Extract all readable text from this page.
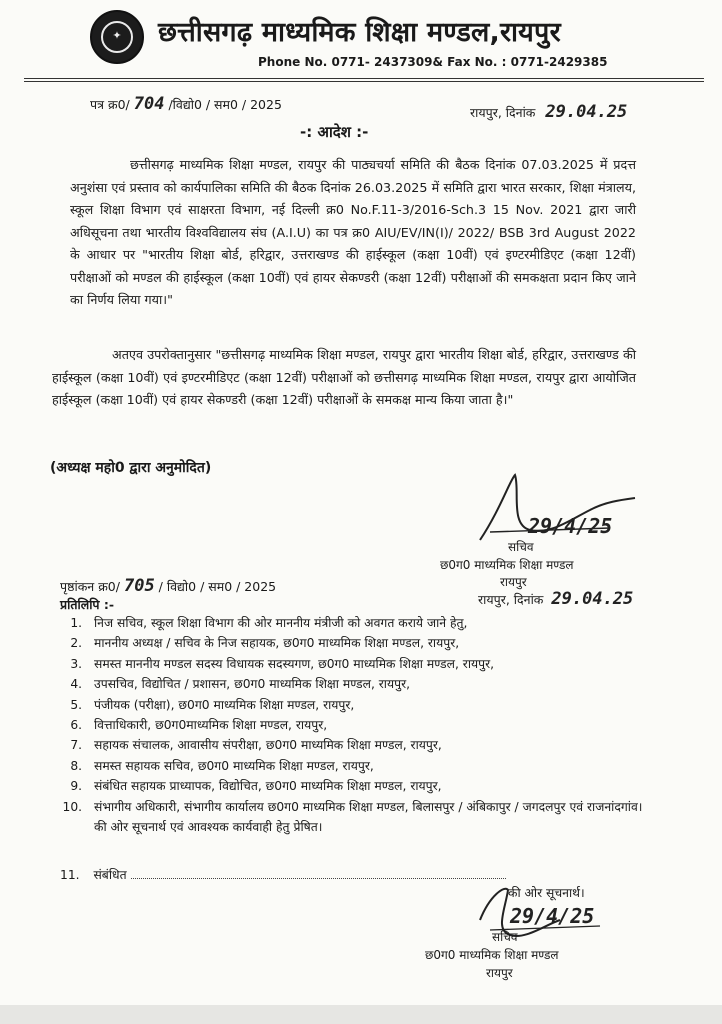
✦ छत्तीसगढ़ माध्यमिक शिक्षा मण्डल,रायपुर
Phone No. 0771- 2437309& Fax No. : 0771-2429385
पत्र क्र0/ 704 /विद्यो0 / सम0 / 2025
रायपुर, दिनांक 29.04.25
-: आदेश :-

छत्तीसगढ़ माध्यमिक शिक्षा मण्डल, रायपुर की पाठ्यचर्या समिति की बैठक दिनांक 07.03.2025 में प्रदत्त अनुशंसा एवं प्रस्ताव को कार्यपालिका समिति की बैठक दिनांक 26.03.2025 में समिति द्वारा भारत सरकार, शिक्षा मंत्रालय, स्कूल शिक्षा विभाग एवं साक्षरता विभाग, नई दिल्ली क्र0 No.F.11-3/2016-Sch.3 15 Nov. 2021 द्वारा जारी अधिसूचना तथा भारतीय विश्वविद्यालय संघ (A.I.U) का पत्र क्र0 AIU/EV/IN(I)/ 2022/ BSB 3rd August 2022 के आधार पर "भारतीय शिक्षा बोर्ड, हरिद्वार, उत्तराखण्ड की हाईस्कूल (कक्षा 10वीं) एवं इण्टरमीडिएट (कक्षा 12वीं) परीक्षाओं को मण्डल की हाईस्कूल (कक्षा 10वीं) एवं हायर सेकण्डरी (कक्षा 12वीं) परीक्षाओं की समकक्षता प्रदान किए जाने का निर्णय लिया गया।"

अतएव उपरोक्तानुसार "छत्तीसगढ़ माध्यमिक शिक्षा मण्डल, रायपुर द्वारा भारतीय शिक्षा बोर्ड, हरिद्वार, उत्तराखण्ड की हाईस्कूल (कक्षा 10वीं) एवं इण्टरमीडिएट (कक्षा 12वीं) परीक्षाओं को छत्तीसगढ़ माध्यमिक शिक्षा मण्डल, रायपुर द्वारा आयोजित हाईस्कूल (कक्षा 10वीं) एवं हायर सेकण्डरी (कक्षा 12वीं) परीक्षाओं के समकक्ष मान्य किया जाता है।"

(अध्यक्ष महो0 द्वारा अनुमोदित)
29/4/25
सचिव
छ0ग0 माध्यमिक शिक्षा मण्डल
रायपुर
पृष्ठांकन क्र0/ 705 / विद्यो0 / सम0 / 2025
रायपुर, दिनांक 29.04.25
प्रतिलिपि :-
1. निज सचिव, स्कूल शिक्षा विभाग की ओर माननीय मंत्रीजी को अवगत कराये जाने हेतु,
2. माननीय अध्यक्ष / सचिव के निज सहायक, छ0ग0 माध्यमिक शिक्षा मण्डल, रायपुर,
3. समस्त माननीय मण्डल सदस्य विधायक सदस्यगण, छ0ग0 माध्यमिक शिक्षा मण्डल, रायपुर,
4. उपसचिव, विद्योचित / प्रशासन, छ0ग0 माध्यमिक शिक्षा मण्डल, रायपुर,
5. पंजीयक (परीक्षा), छ0ग0 माध्यमिक शिक्षा मण्डल, रायपुर,
6. वित्ताधिकारी, छ0ग0माध्यमिक शिक्षा मण्डल, रायपुर,
7. सहायक संचालक, आवासीय संपरीक्षा, छ0ग0 माध्यमिक शिक्षा मण्डल, रायपुर,
8. समस्त सहायक सचिव, छ0ग0 माध्यमिक शिक्षा मण्डल, रायपुर,
9. संबंधित सहायक प्राध्यापक, विद्योचित, छ0ग0 माध्यमिक शिक्षा मण्डल, रायपुर,
10. संभागीय अधिकारी, संभागीय कार्यालय छ0ग0 माध्यमिक शिक्षा मण्डल, बिलासपुर / अंबिकापुर / जगदलपुर एवं राजनांदगांव। की ओर सूचनार्थ एवं आवश्यक कार्यवाही हेतु प्रेषित।
11. संबंधित
की ओर सूचनार्थ।
29/4/25
सचिव
छ0ग0 माध्यमिक शिक्षा मण्डल
रायपुर
